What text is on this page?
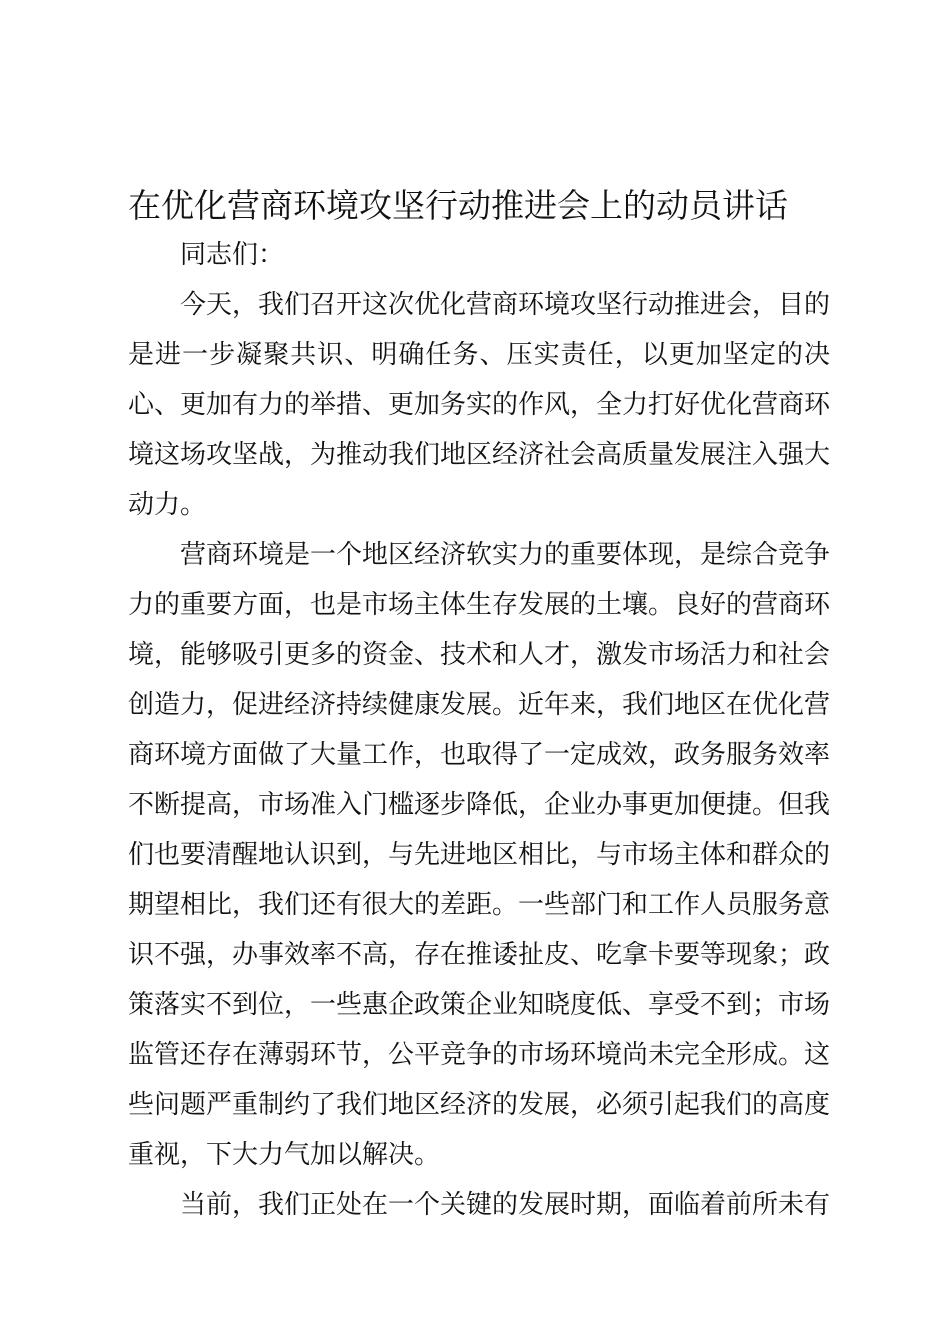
在优化营商环境攻坚行动推进会上的动员讲话

同志们：

今天，我们召开这次优化营商环境攻坚行动推进会，目的是进一步凝聚共识、明确任务、压实责任，以更加坚定的决心、更加有力的举措、更加务实的作风，全力打好优化营商环境这场攻坚战，为推动我们地区经济社会高质量发展注入强大动力。

营商环境是一个地区经济软实力的重要体现，是综合竞争力的重要方面，也是市场主体生存发展的土壤。良好的营商环境，能够吸引更多的资金、技术和人才，激发市场活力和社会创造力，促进经济持续健康发展。近年来，我们地区在优化营商环境方面做了大量工作，也取得了一定成效，政务服务效率不断提高，市场准入门槛逐步降低，企业办事更加便捷。但我们也要清醒地认识到，与先进地区相比，与市场主体和群众的期望相比，我们还有很大的差距。一些部门和工作人员服务意识不强，办事效率不高，存在推诿扯皮、吃拿卡要等现象；政策落实不到位，一些惠企政策企业知晓度低、享受不到；市场监管还存在薄弱环节，公平竞争的市场环境尚未完全形成。这些问题严重制约了我们地区经济的发展，必须引起我们的高度重视，下大力气加以解决。

当前，我们正处在一个关键的发展时期，面临着前所未有
